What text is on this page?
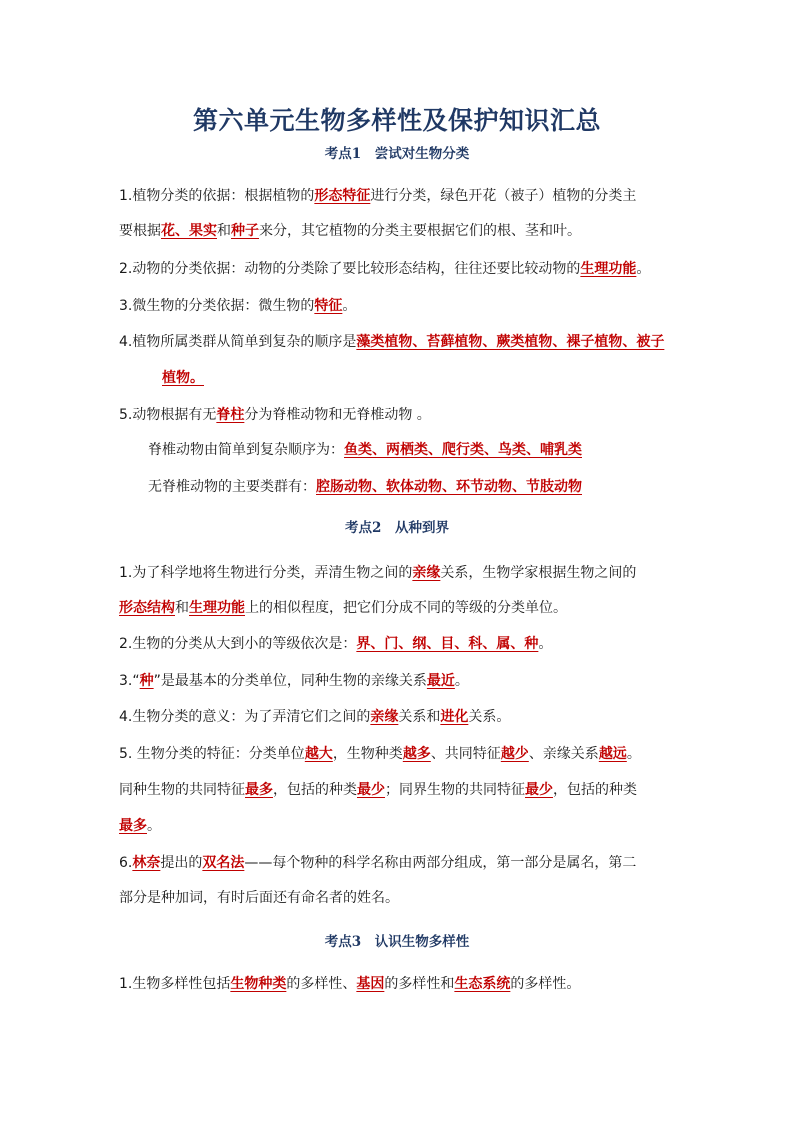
第六单元生物多样性及保护知识汇总
考点1　尝试对生物分类
考点2　从种到界
考点3　认识生物多样性
1.植物分类的依据：根据植物的形态特征进行分类，绿色开花（被子）植物的分类主
要根据花、果实和种子来分，其它植物的分类主要根据它们的根、茎和叶。
2.动物的分类依据：动物的分类除了要比较形态结构，往往还要比较动物的生理功能。
3.微生物的分类依据：微生物的特征。
4.植物所属类群从简单到复杂的顺序是藻类植物、苔藓植物、蕨类植物、裸子植物、被子
植物。
5.动物根据有无脊柱分为脊椎动物和无脊椎动物 。
脊椎动物由简单到复杂顺序为：鱼类、两栖类、爬行类、鸟类、哺乳类
无脊椎动物的主要类群有：腔肠动物、软体动物、环节动物、节肢动物
1.为了科学地将生物进行分类，弄清生物之间的亲缘关系，生物学家根据生物之间的
形态结构和生理功能上的相似程度，把它们分成不同的等级的分类单位。
2.生物的分类从大到小的等级依次是：界、门、纲、目、科、属、种。
3.“种”是最基本的分类单位，同种生物的亲缘关系最近。
4.生物分类的意义：为了弄清它们之间的亲缘关系和进化关系。
5. 生物分类的特征：分类单位越大，生物种类越多、共同特征越少、亲缘关系越远。
同种生物的共同特征最多，包括的种类最少；同界生物的共同特征最少，包括的种类
最多。
6.林奈提出的双名法——每个物种的科学名称由两部分组成，第一部分是属名，第二
部分是种加词，有时后面还有命名者的姓名。
1.生物多样性包括生物种类的多样性、基因的多样性和生态系统的多样性。
